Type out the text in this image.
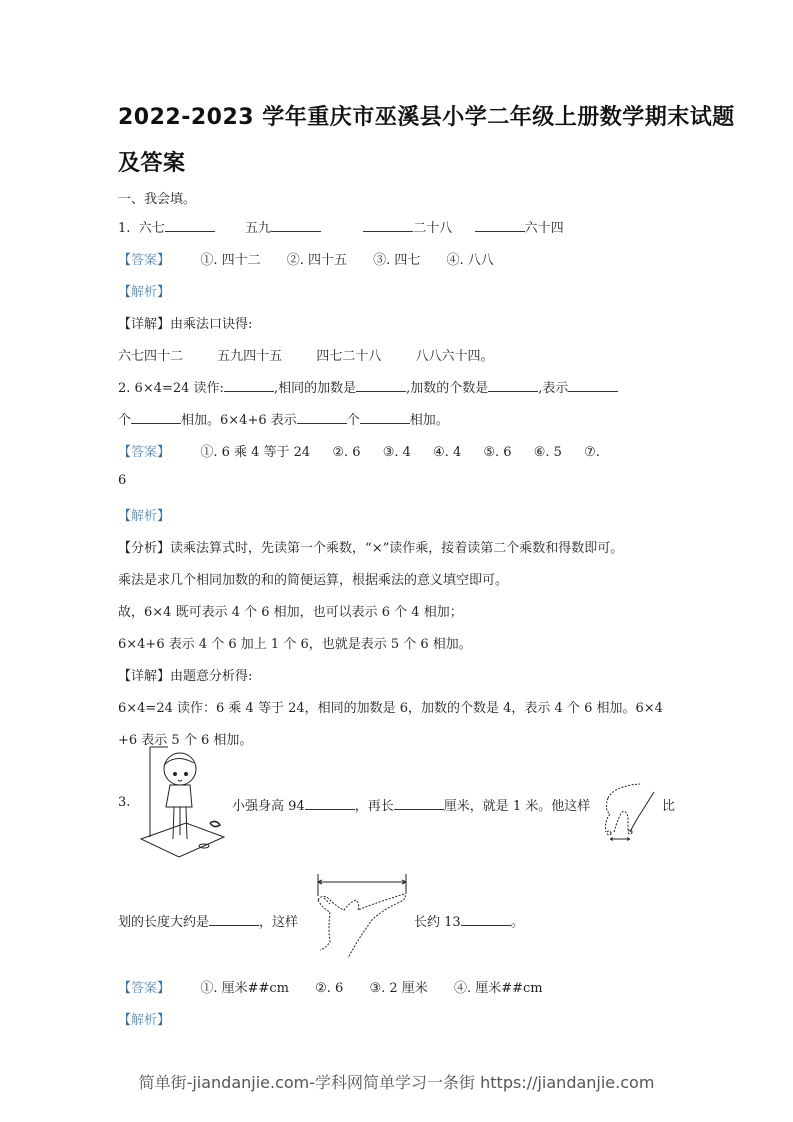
2022-2023 学年重庆市巫溪县小学二年级上册数学期末试题
及答案
一、我会填。
1. 六七	五九	二十八	六十四
【答案】 ①. 四十二 ②. 四十五 ③. 四七 ④. 八八
【解析】
【详解】由乘法口诀得:
六七四十二	五九四十五	四七二十八	八八六十四。
2. 6×4=24 读作:	,相同的加数是	,加数的个数是	,表示
个	相加。6×4+6 表示	个	相加。
【答案】 ①. 6 乘 4 等于 24 ②. 6 ③. 4 ④. 4 ⑤. 6 ⑥. 5 ⑦.
6
【解析】
【分析】读乘法算式时，先读第一个乘数，“×”读作乘，接着读第二个乘数和得数即可。
乘法是求几个相同加数的和的简便运算，根据乘法的意义填空即可。
故，6×4 既可表示 4 个 6 相加，也可以表示 6 个 4 相加；
6×4+6 表示 4 个 6 加上 1 个 6，也就是表示 5 个 6 相加。
【详解】由题意分析得:
6×4=24 读作：6 乘 4 等于 24，相同的加数是 6，加数的个数是 4，表示 4 个 6 相加。6×4
+6 表示 5 个 6 相加。
3.	小强身高 94	，再长	厘米，就是 1 米。他这样	比
划的长度大约是	，这样	长约 13	。
【答案】 ①. 厘米##cm ②. 6 ③. 2 厘米 ④. 厘米##cm
【解析】
简单街-jiandanjie.com-学科网简单学习一条街 https://jiandanjie.com
